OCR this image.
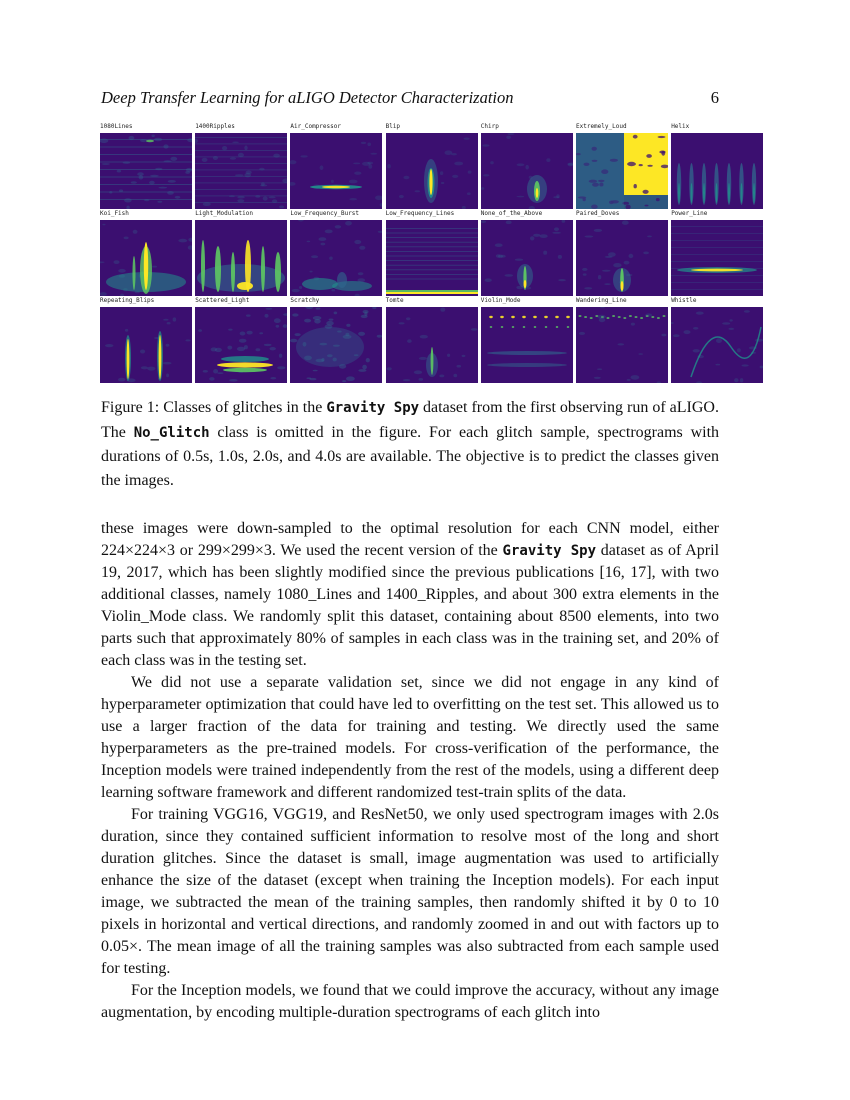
Deep Transfer Learning for aLIGO Detector Characterization	6
1080Lines	1400Ripples	Air_Compressor	Blip	Chirp	Extremely_Loud	Helix
Koi_Fish	Light_Modulation	Low_Frequency_Burst	Low_Frequency_Lines	None_of_the_Above	Paired_Doves	Power_Line
Repeating_Blips	Scattered_Light	Scratchy	Tomte	Violin_Mode	Wandering_Line	Whistle
Figure 1: Classes of glitches in the Gravity Spy dataset from the first observing run of aLIGO. The No_Glitch class is omitted in the figure. For each glitch sample, spectrograms with durations of 0.5s, 1.0s, 2.0s, and 4.0s are available. The objective is to predict the classes given the images.

these images were down-sampled to the optimal resolution for each CNN model, either 224×224×3 or 299×299×3. We used the recent version of the Gravity Spy dataset as of April 19, 2017, which has been slightly modified since the previous publications [16, 17], with two additional classes, namely 1080_Lines and 1400_Ripples, and about 300 extra elements in the Violin_Mode class. We randomly split this dataset, containing about 8500 elements, into two parts such that approximately 80% of samples in each class was in the training set, and 20% of each class was in the testing set.

We did not use a separate validation set, since we did not engage in any kind of hyperparameter optimization that could have led to overfitting on the test set. This allowed us to use a larger fraction of the data for training and testing. We directly used the same hyperparameters as the pre-trained models. For cross-verification of the performance, the Inception models were trained independently from the rest of the models, using a different deep learning software framework and different randomized test-train splits of the data.

For training VGG16, VGG19, and ResNet50, we only used spectrogram images with 2.0s duration, since they contained sufficient information to resolve most of the long and short duration glitches. Since the dataset is small, image augmentation was used to artificially enhance the size of the dataset (except when training the Inception models). For each input image, we subtracted the mean of the training samples, then randomly shifted it by 0 to 10 pixels in horizontal and vertical directions, and randomly zoomed in and out with factors up to 0.05×. The mean image of all the training samples was also subtracted from each sample used for testing.

For the Inception models, we found that we could improve the accuracy, without any image augmentation, by encoding multiple-duration spectrograms of each glitch into
